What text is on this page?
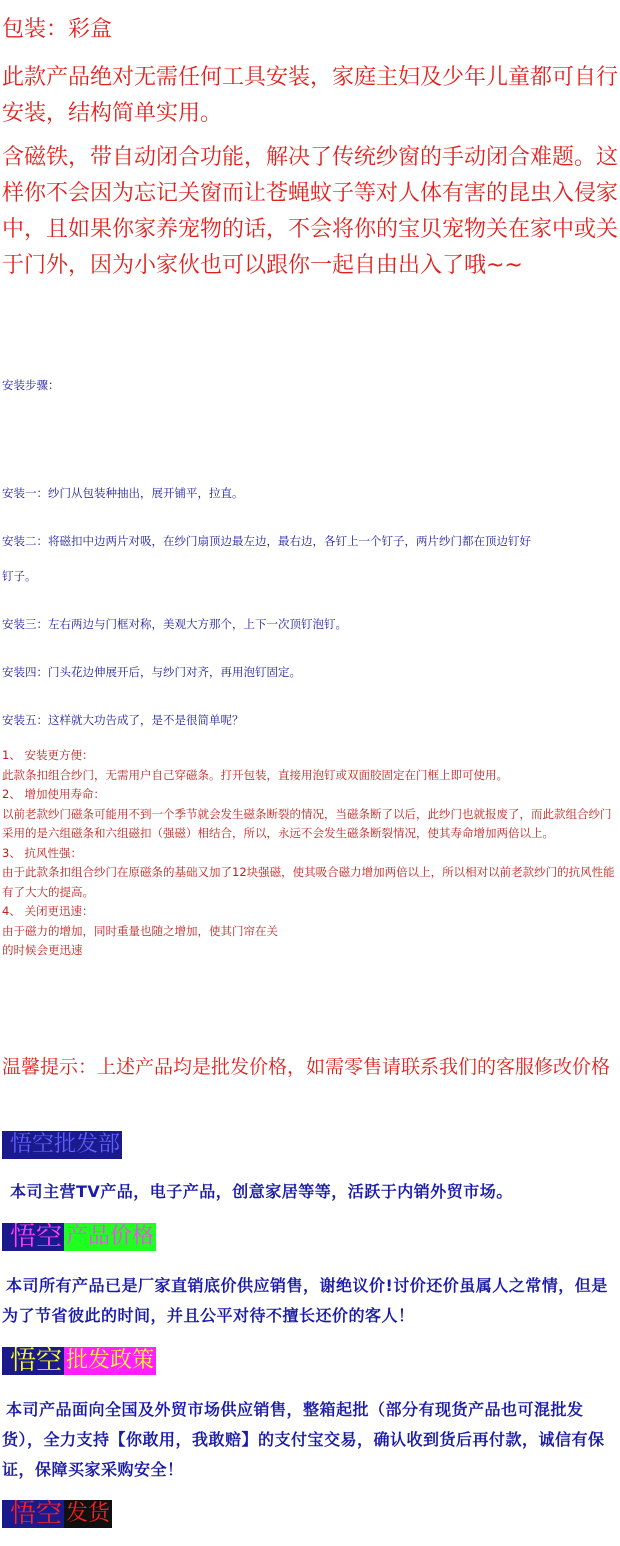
包装：彩盒
此款产品绝对无需任何工具安装，家庭主妇及少年儿童都可自行安装，结构简单实用。
含磁铁，带自动闭合功能，解决了传统纱窗的手动闭合难题。这样你不会因为忘记关窗而让苍蝇蚊子等对人体有害的昆虫入侵家中，且如果你家养宠物的话，不会将你的宝贝宠物关在家中或关于门外，因为小家伙也可以跟你一起自由出入了哦~~
安装步骤：
安装一：纱门从包装种抽出，展开铺平，拉直。
安装二：将磁扣中边两片对吸，在纱门扇顶边最左边，最右边，各钉上一个钉子，两片纱门都在顶边钉好
钉子。
安装三：左右两边与门框对称，美观大方那个，上下一次顶钉泡钉。
安装四：门头花边伸展开后，与纱门对齐，再用泡钉固定。
安装五：这样就大功告成了，是不是很简单呢？
1、 安装更方便：
此款条扣组合纱门，无需用户自己穿磁条。打开包装，直接用泡钉或双面胶固定在门框上即可使用。
2、 增加使用寿命：
以前老款纱门磁条可能用不到一个季节就会发生磁条断裂的情况，当磁条断了以后，此纱门也就报废了，而此款组合纱门采用的是六组磁条和六组磁扣（强磁）相结合，所以，永远不会发生磁条断裂情况，使其寿命增加两倍以上。
3、 抗风性强：
由于此款条扣组合纱门在原磁条的基础又加了12块强磁，使其吸合磁力增加两倍以上，所以相对以前老款纱门的抗风性能有了大大的提高。
4、 关闭更迅速：
由于磁力的增加，同时重量也随之增加，使其门帘在关
的时候会更迅速
温馨提示：上述产品均是批发价格，如需零售请联系我们的客服修改价格
悟空批发部
本司主营TV产品，电子产品，创意家居等等，活跃于内销外贸市场。
悟空 产品价格
本司所有产品已是厂家直销底价供应销售，谢绝议价!讨价还价虽属人之常情，但是为了节省彼此的时间，并且公平对待不擅长还价的客人！
悟空 批发政策
本司产品面向全国及外贸市场供应销售，整箱起批（部分有现货产品也可混批发货），全力支持【你敢用，我敢赔】的支付宝交易，确认收到货后再付款，诚信有保证，保障买家采购安全！
悟空 发货
